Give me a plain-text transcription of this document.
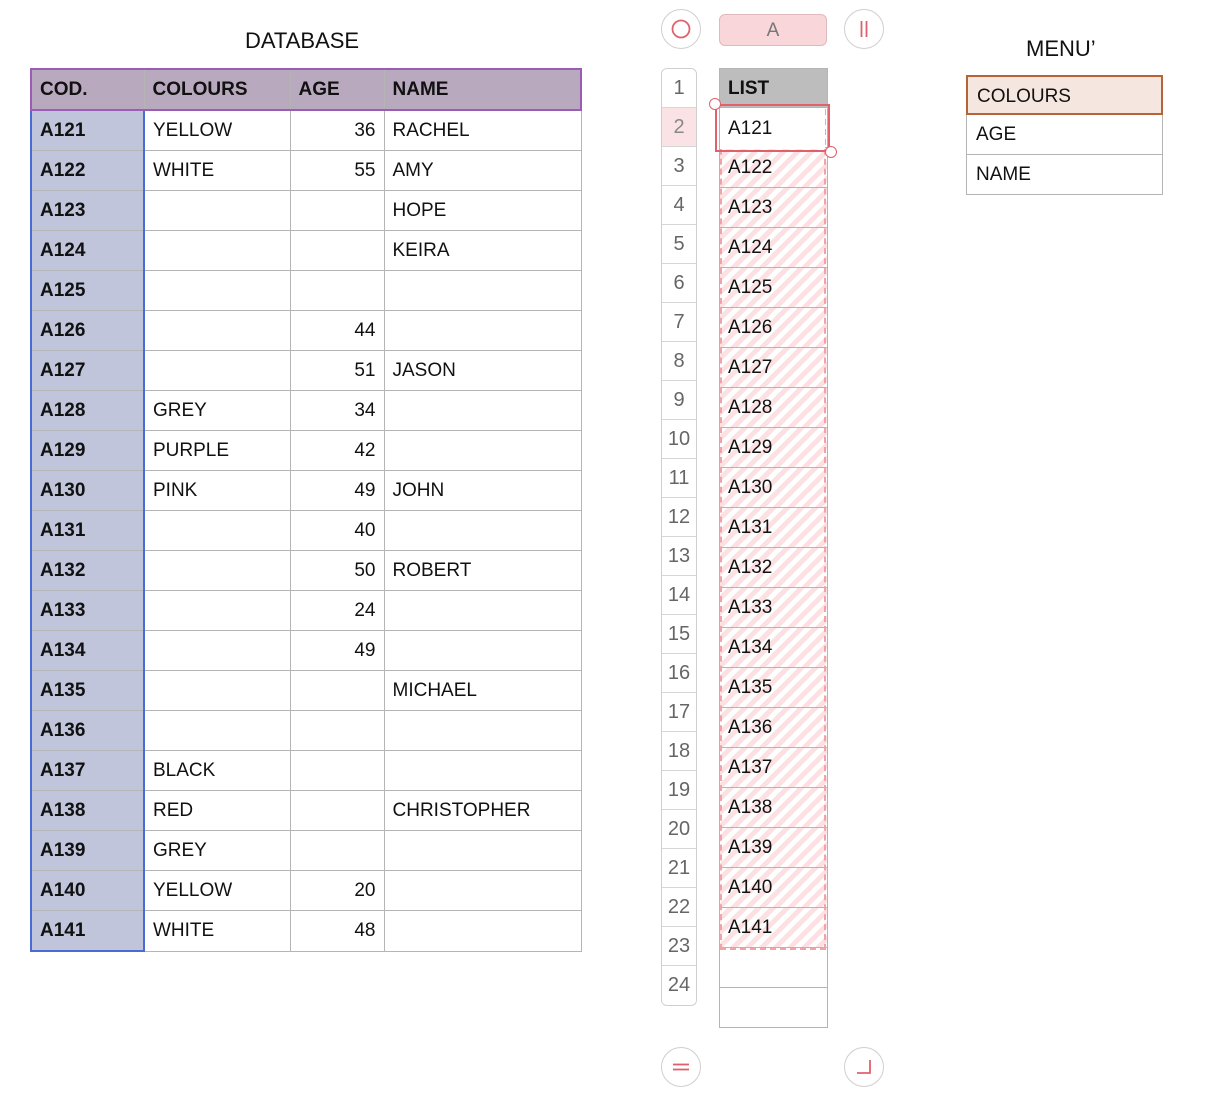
DATABASE
COD.	COLOURS	AGE	NAME
A121	YELLOW	36	RACHEL
A122	WHITE	55	AMY
A123			HOPE
A124			KEIRA
A125			
A126		44	
A127		51	JASON
A128	GREY	34	
A129	PURPLE	42	
A130	PINK	49	JOHN
A131		40	
A132		50	ROBERT
A133		24	
A134		49	
A135			MICHAEL
A136			
A137	BLACK		
A138	RED		CHRISTOPHER
A139	GREY		
A140	YELLOW	20	
A141	WHITE	48	
A
1
2
3
4
5
6
7
8
9
10
11
12
13
14
15
16
17
18
19
20
21
22
23
24
LIST
A122
A123
A124
A125
A126
A127
A128
A129
A130
A131
A132
A133
A134
A135
A136
A137
A138
A139
A140
A141
A121
MENU’
COLOURS
AGE
NAME
